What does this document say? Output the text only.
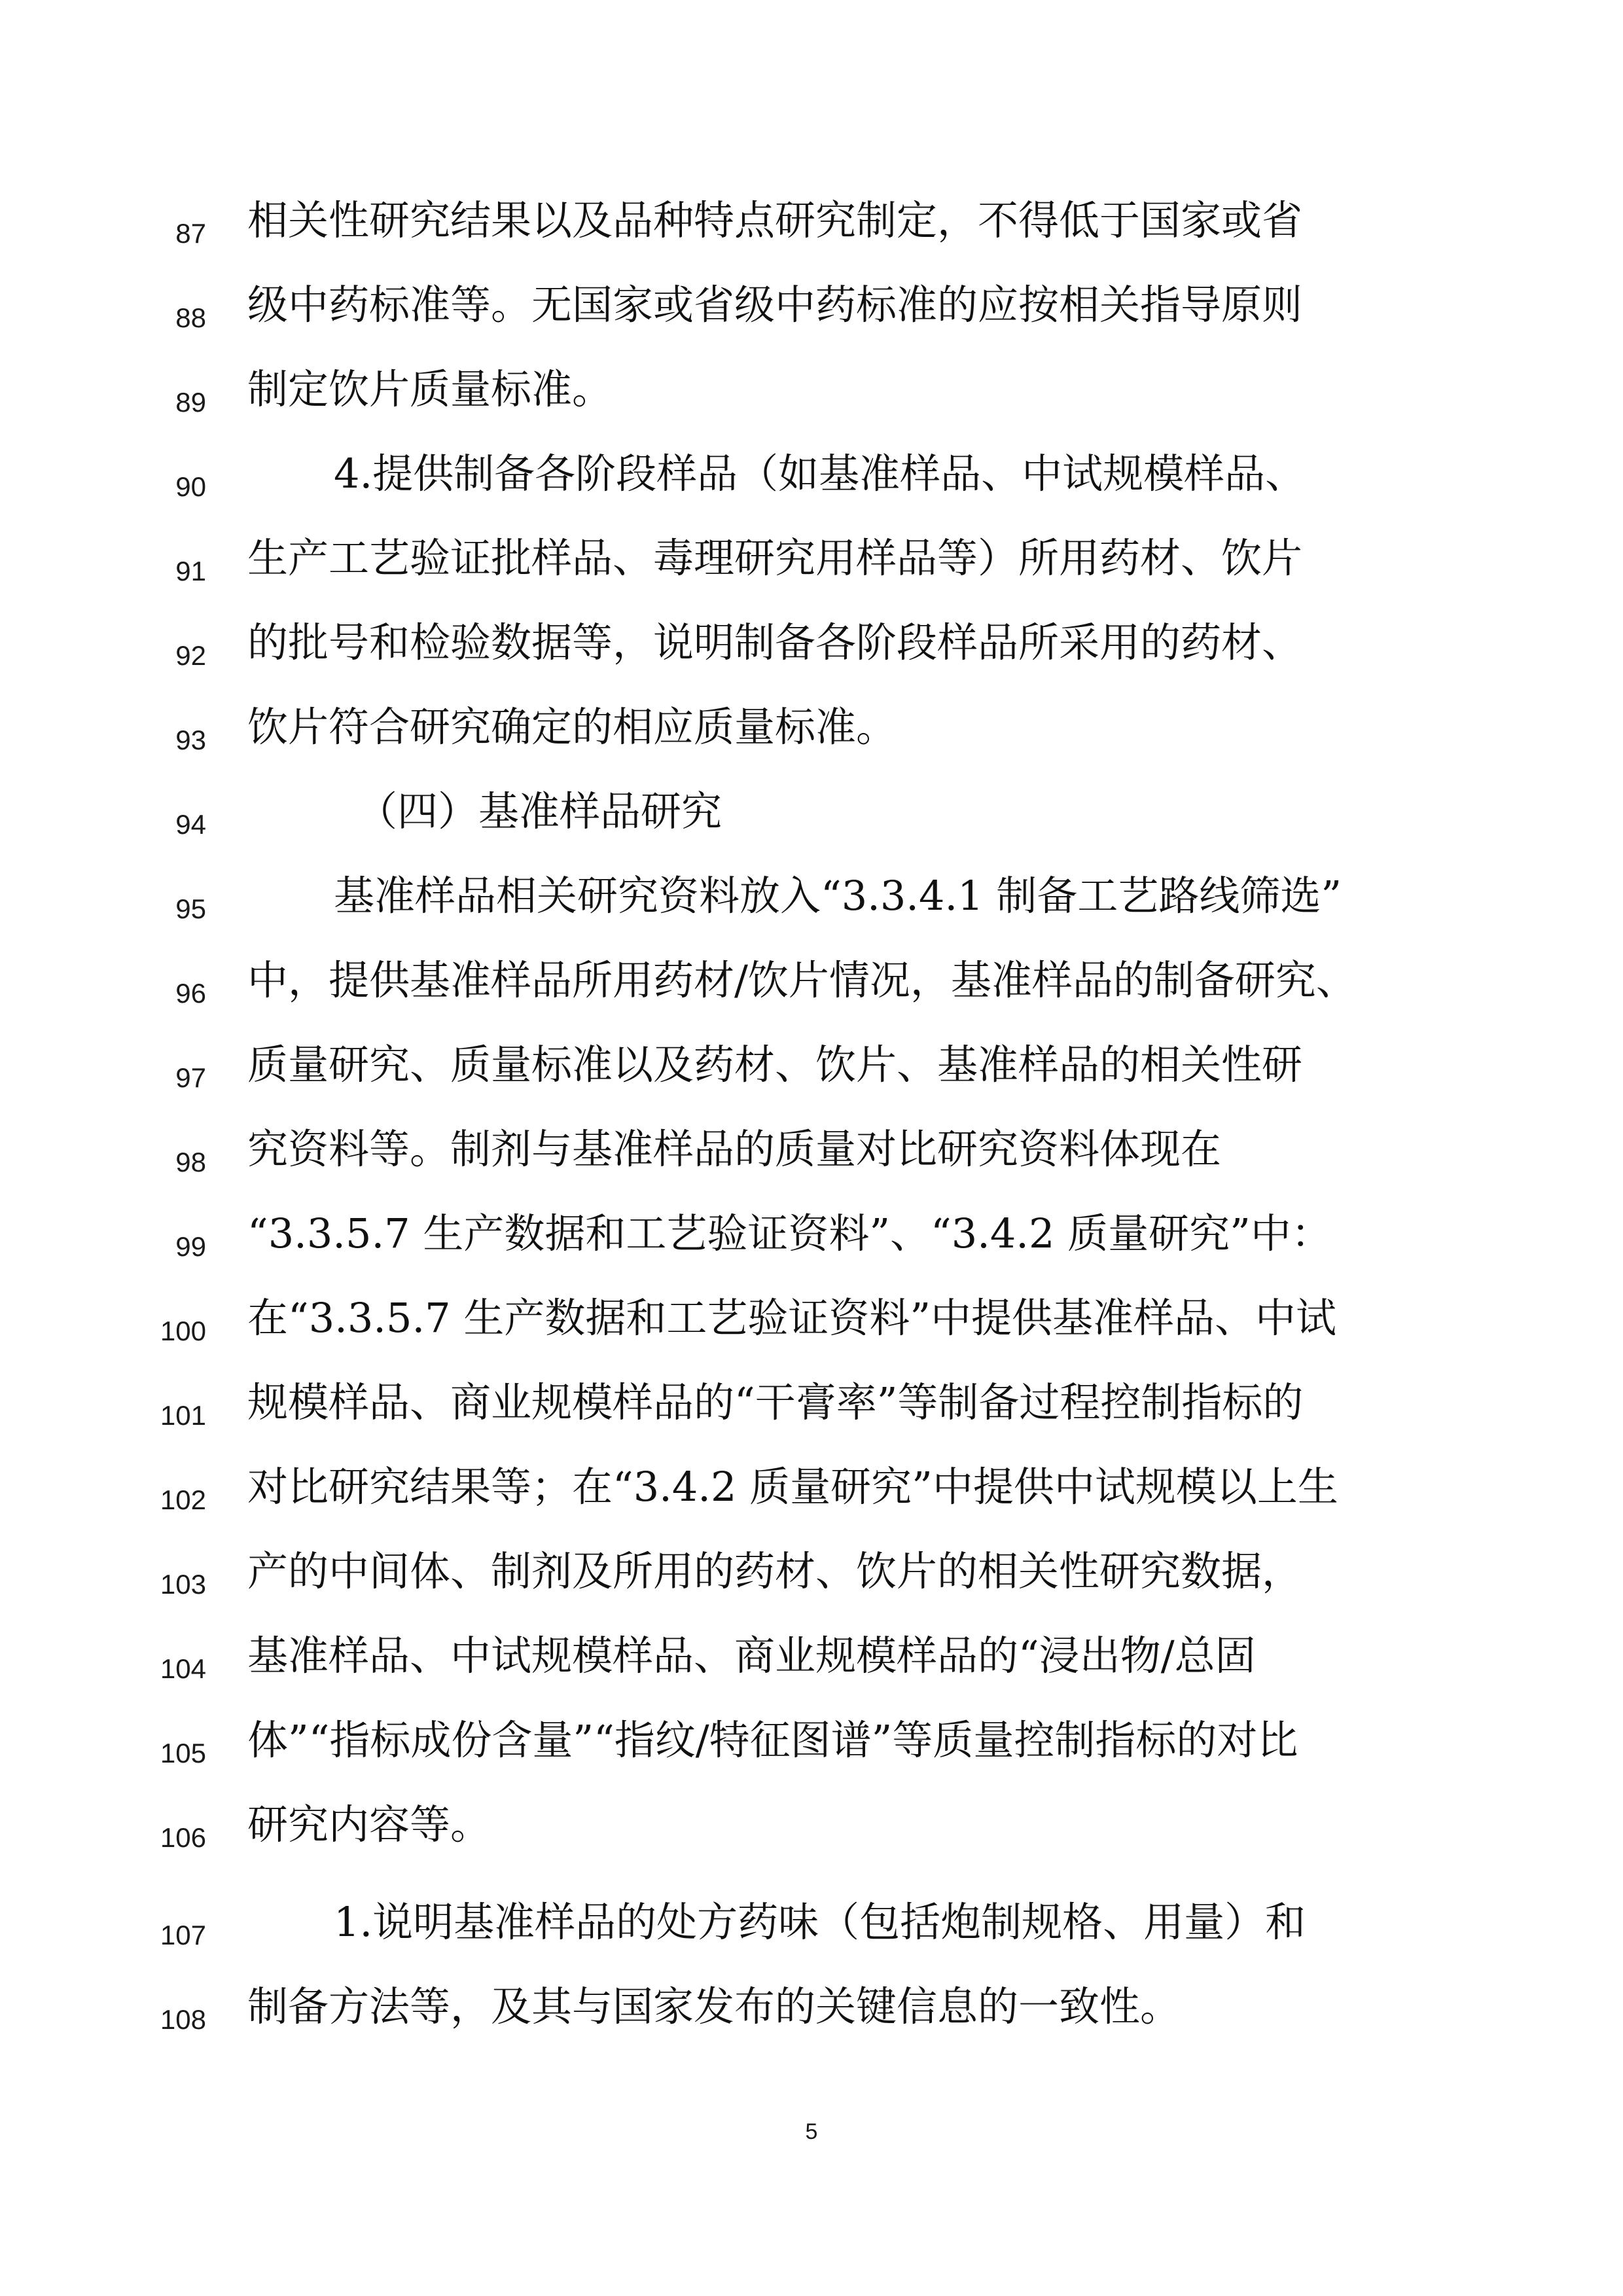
87 相关性研究结果以及品种特点研究制定，不得低于国家或省
88 级中药标准等。无国家或省级中药标准的应按相关指导原则
89 制定饮片质量标准。
90	4.提供制备各阶段样品（如基准样品、中试规模样品、
91 生产工艺验证批样品、毒理研究用样品等）所用药材、饮片
92 的批号和检验数据等，说明制备各阶段样品所采用的药材、
93 饮片符合研究确定的相应质量标准。
94	（四）基准样品研究
95	基准样品相关研究资料放入“3.3.4.1 制备工艺路线筛选”
96 中，提供基准样品所用药材/饮片情况，基准样品的制备研究、
97 质量研究、质量标准以及药材、饮片、基准样品的相关性研
98 究资料等。制剂与基准样品的质量对比研究资料体现在
99 “3.3.5.7 生产数据和工艺验证资料”、“3.4.2 质量研究”中：
100 在“3.3.5.7 生产数据和工艺验证资料”中提供基准样品、中试
101 规模样品、商业规模样品的“干膏率”等制备过程控制指标的
102 对比研究结果等；在“3.4.2 质量研究”中提供中试规模以上生
103 产的中间体、制剂及所用的药材、饮片的相关性研究数据，
104 基准样品、中试规模样品、商业规模样品的“浸出物/总固
105 体”“指标成份含量”“指纹/特征图谱”等质量控制指标的对比
106 研究内容等。
107	1.说明基准样品的处方药味（包括炮制规格、用量）和
108 制备方法等，及其与国家发布的关键信息的一致性。
5
